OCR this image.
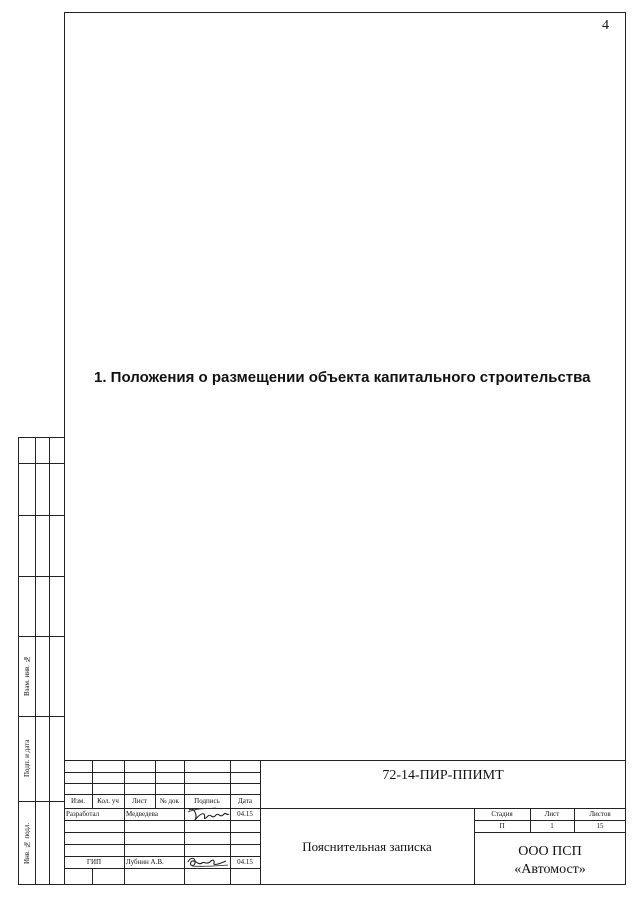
4
1. Положения о размещении объекта капитального строительства
Взам. инв. №
Подп. и дата
Инв. № подл.
Изм.	Кол. уч	Лист	№ док	Подпись	Дата
Разработал	Медведева	04.15
ГИП	Лубнин А.В.	04.15
72-14-ПИР-ППИМТ
Пояснительная записка
Стадия	Лист	Листов
П	1	15
ООО ПСП
«Автомост»
